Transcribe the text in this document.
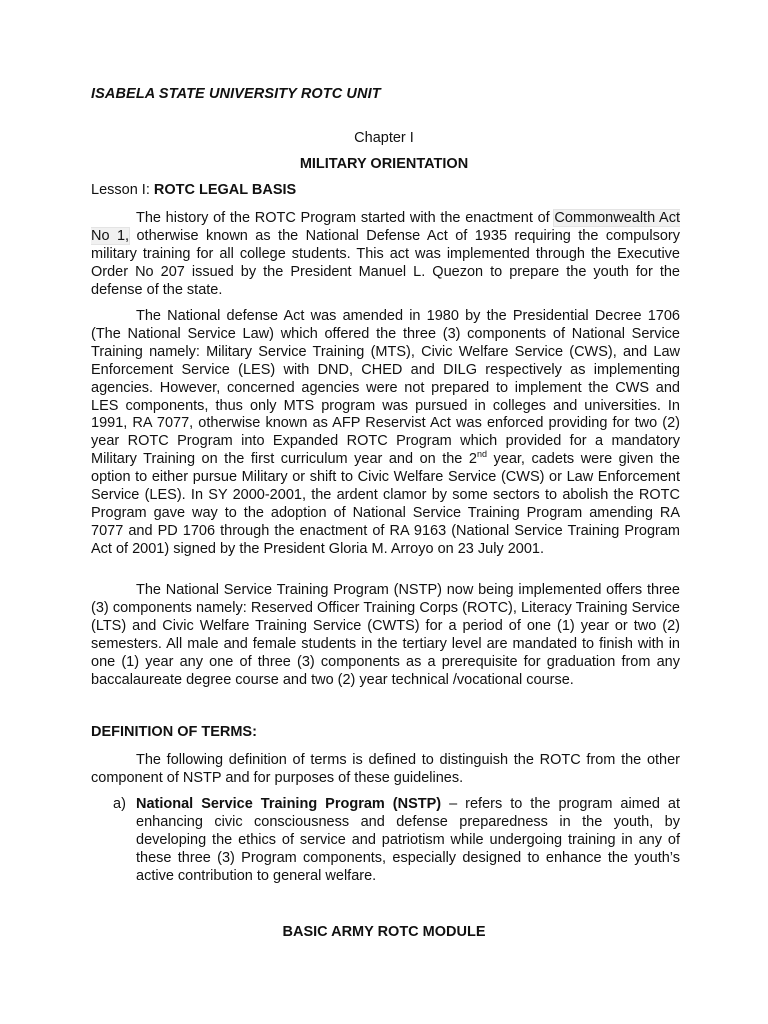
ISABELA STATE UNIVERSITY ROTC UNIT
Chapter I
MILITARY ORIENTATION
Lesson I: ROTC LEGAL BASIS

The history of the ROTC Program started with the enactment of Commonwealth Act No 1, otherwise known as the National Defense Act of 1935 requiring the compulsory military training for all college students. This act was implemented through the Executive Order No 207 issued by the President Manuel L. Quezon to prepare the youth for the defense of the state.

The National defense Act was amended in 1980 by the Presidential Decree 1706 (The National Service Law) which offered the three (3) components of National Service Training namely: Military Service Training (MTS), Civic Welfare Service (CWS), and Law Enforcement Service (LES) with DND, CHED and DILG respectively as implementing agencies. However, concerned agencies were not prepared to implement the CWS and LES components, thus only MTS program was pursued in colleges and universities. In 1991, RA 7077, otherwise known as AFP Reservist Act was enforced providing for two (2) year ROTC Program into Expanded ROTC Program which provided for a mandatory Military Training on the first curriculum year and on the 2nd year, cadets were given the option to either pursue Military or shift to Civic Welfare Service (CWS) or Law Enforcement Service (LES). In SY 2000-2001, the ardent clamor by some sectors to abolish the ROTC Program gave way to the adoption of National Service Training Program amending RA 7077 and PD 1706 through the enactment of RA 9163 (National Service Training Program Act of 2001) signed by the President Gloria M. Arroyo on 23 July 2001.

The National Service Training Program (NSTP) now being implemented offers three (3) components namely: Reserved Officer Training Corps (ROTC), Literacy Training Service (LTS) and Civic Welfare Training Service (CWTS) for a period of one (1) year or two (2) semesters. All male and female students in the tertiary level are mandated to finish with in one (1) year any one of three (3) components as a prerequisite for graduation from any baccalaureate degree course and two (2) year technical /vocational course.

DEFINITION OF TERMS:

The following definition of terms is defined to distinguish the ROTC from the other component of NSTP and for purposes of these guidelines.

a) National Service Training Program (NSTP) – refers to the program aimed at enhancing civic consciousness and defense preparedness in the youth, by developing the ethics of service and patriotism while undergoing training in any of these three (3) Program components, especially designed to enhance the youth’s active contribution to general welfare.
BASIC ARMY ROTC MODULE
